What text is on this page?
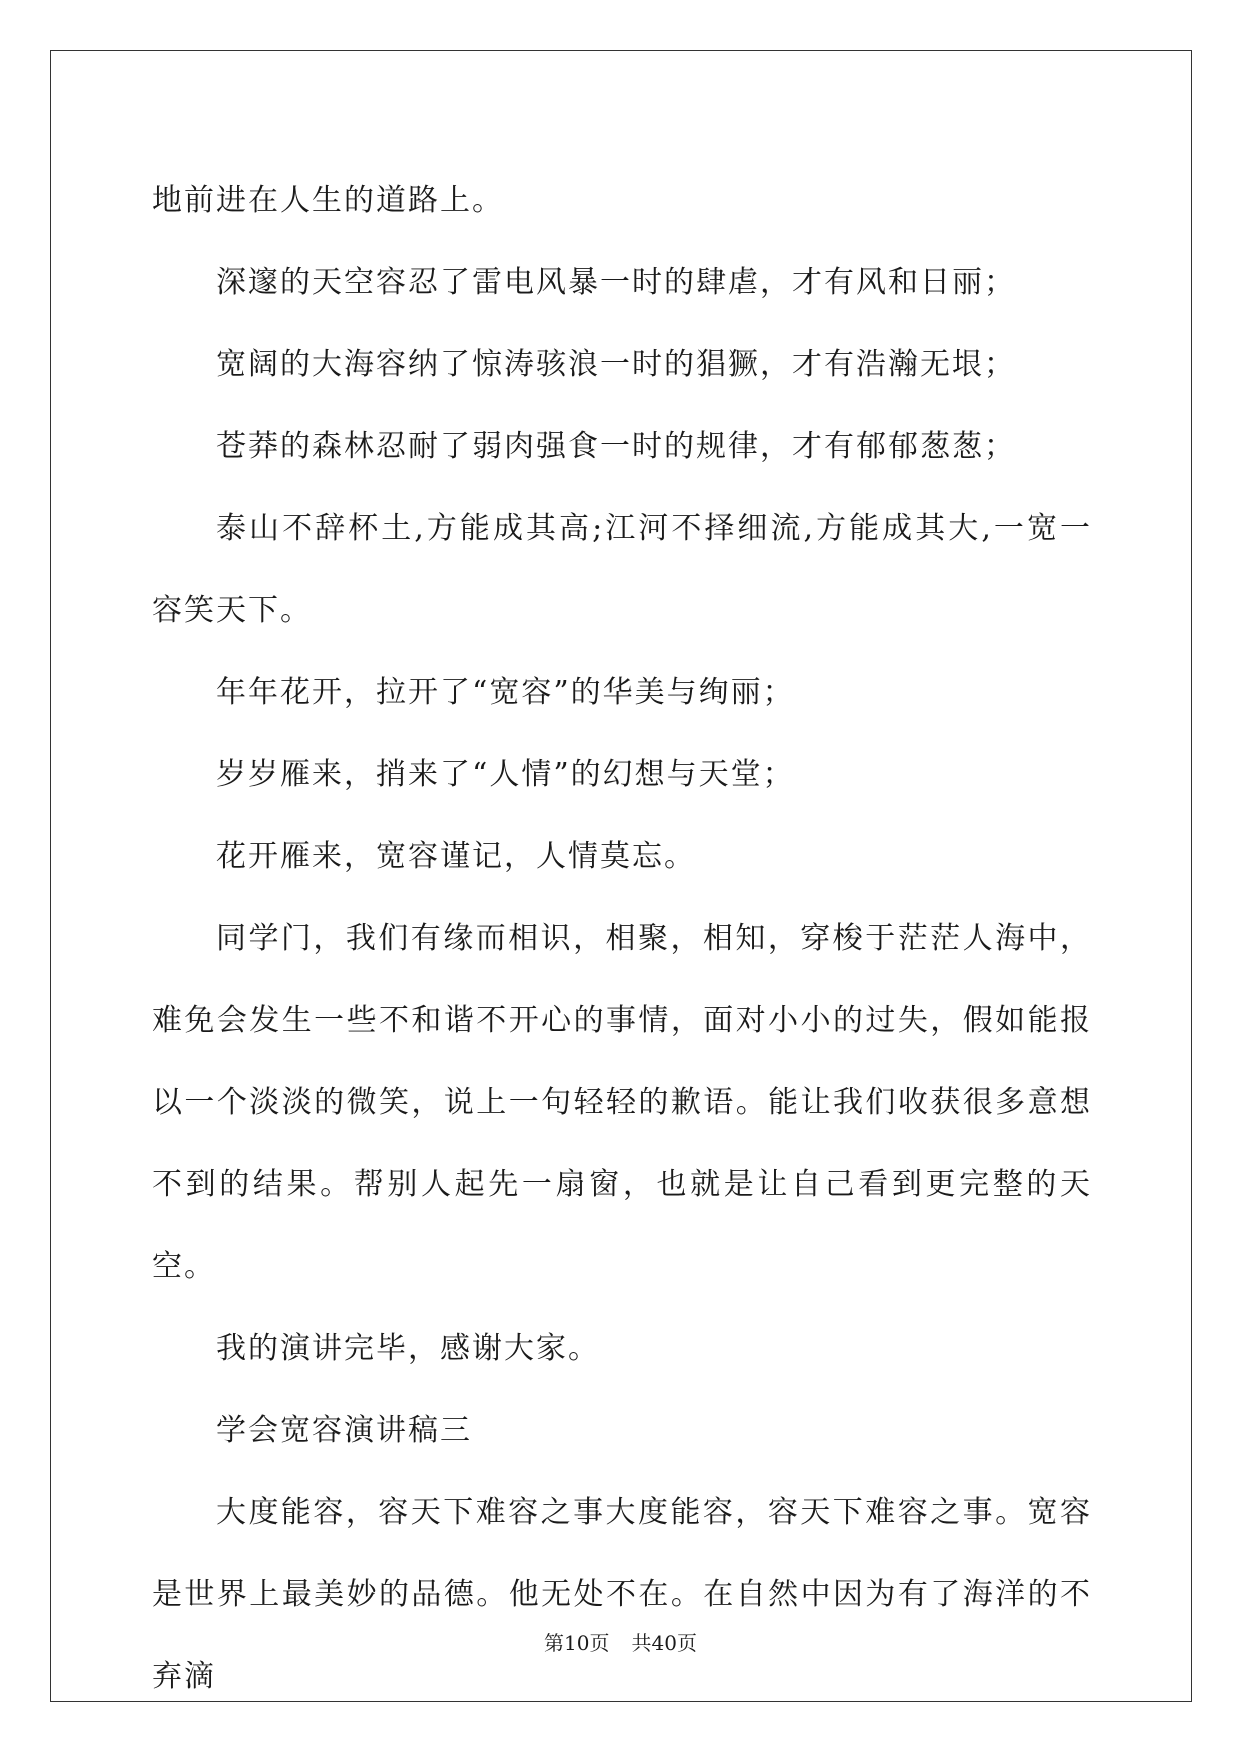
地前进在人生的道路上。

深邃的天空容忍了雷电风暴一时的肆虐，才有风和日丽；

宽阔的大海容纳了惊涛骇浪一时的猖獗，才有浩瀚无垠；

苍莽的森林忍耐了弱肉强食一时的规律，才有郁郁葱葱；

泰山不辞杯土,方能成其高;江河不择细流,方能成其大,一宽一容笑天下。

年年花开，拉开了“宽容”的华美与绚丽；

岁岁雁来，捎来了“人情”的幻想与天堂；

花开雁来，宽容谨记，人情莫忘。

同学门，我们有缘而相识，相聚，相知，穿梭于茫茫人海中，难免会发生一些不和谐不开心的事情，面对小小的过失，假如能报以一个淡淡的微笑，说上一句轻轻的歉语。能让我们收获很多意想不到的结果。帮别人起先一扇窗，也就是让自己看到更完整的天空。

我的演讲完毕，感谢大家。

学会宽容演讲稿三

大度能容，容天下难容之事大度能容，容天下难容之事。宽容是世界上最美妙的品德。他无处不在。在自然中因为有了海洋的不弃滴

第10页 共40页
